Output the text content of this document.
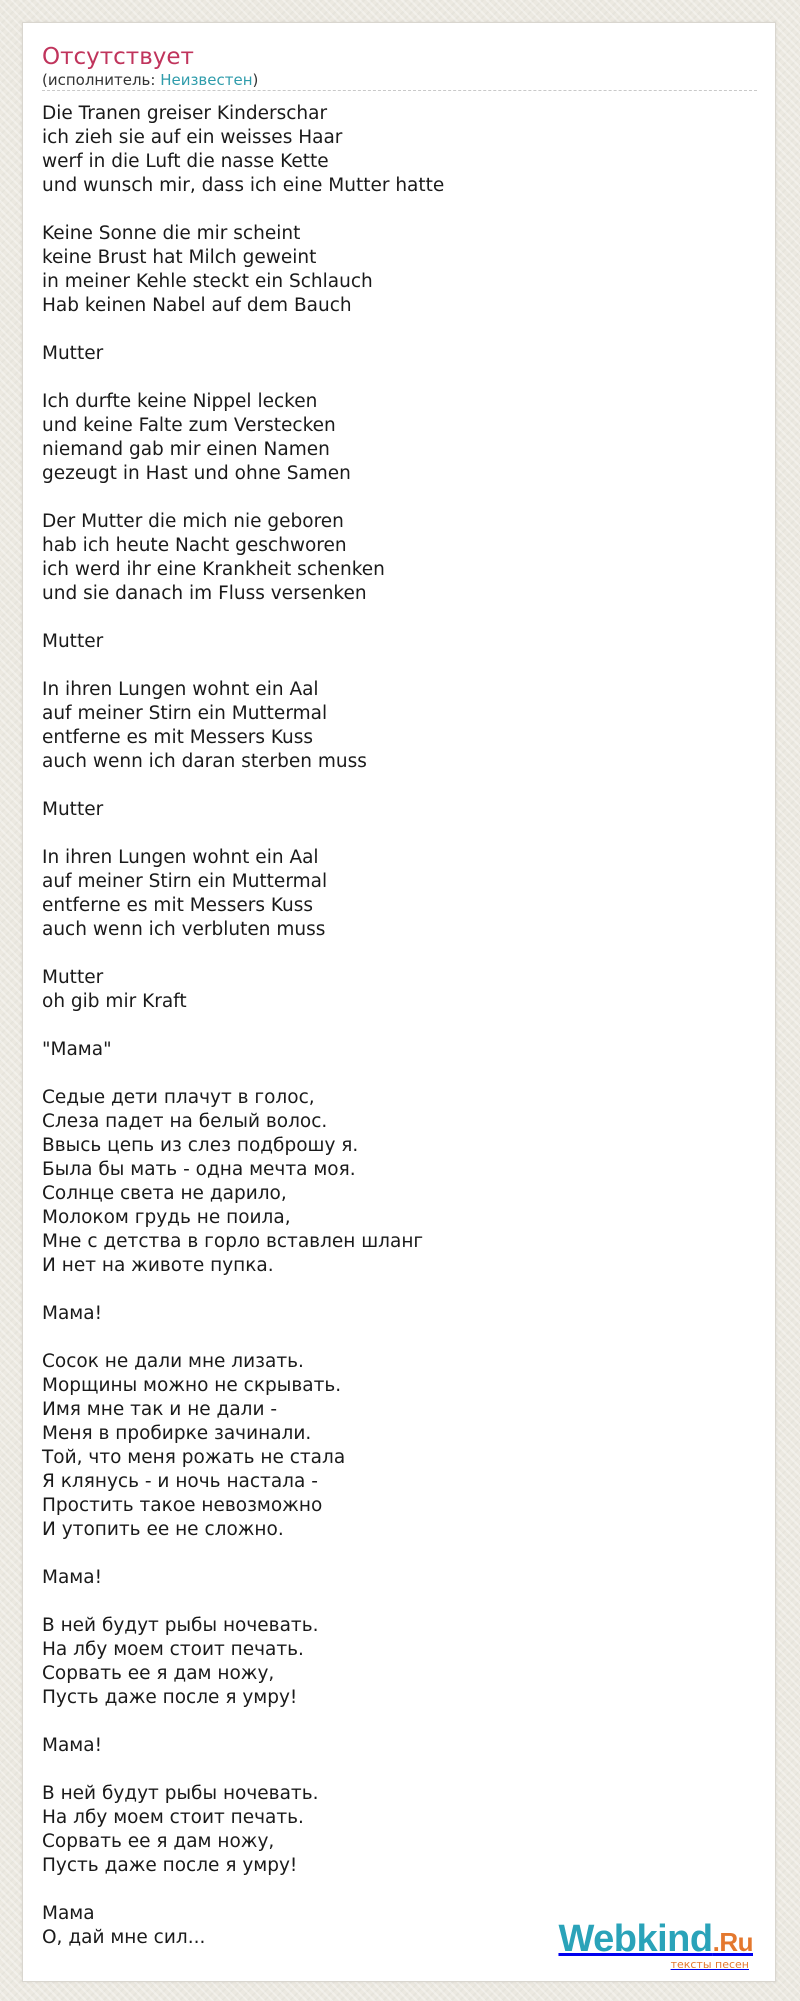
Отсутствует
(исполнитель: Неизвестен)
Die Tranen greiser Kinderschar
ich zieh sie auf ein weisses Haar
werf in die Luft die nasse Kette
und wunsch mir, dass ich eine Mutter hatte
Keine Sonne die mir scheint
keine Brust hat Milch geweint
in meiner Kehle steckt ein Schlauch
Hab keinen Nabel auf dem Bauch
Mutter
Ich durfte keine Nippel lecken
und keine Falte zum Verstecken
niemand gab mir einen Namen
gezeugt in Hast und ohne Samen
Der Mutter die mich nie geboren
hab ich heute Nacht geschworen
ich werd ihr eine Krankheit schenken
und sie danach im Fluss versenken
Mutter
In ihren Lungen wohnt ein Aal
auf meiner Stirn ein Muttermal
entferne es mit Messers Kuss
auch wenn ich daran sterben muss
Mutter
In ihren Lungen wohnt ein Aal
auf meiner Stirn ein Muttermal
entferne es mit Messers Kuss
auch wenn ich verbluten muss
Mutter
oh gib mir Kraft
"Мама"
Седые дети плачут в голос,
Слеза падет на белый волос.
Ввысь цепь из слез подброшу я.
Была бы мать - одна мечта моя.
Солнце света не дарило,
Молоком грудь не поила,
Мне с детства в горло вставлен шланг
И нет на животе пупка.
Мама!
Сосок не дали мне лизать.
Морщины можно не скрывать.
Имя мне так и не дали -
Меня в пробирке зачинали.
Той, что меня рожать не стала
Я клянусь - и ночь настала -
Простить такое невозможно
И утопить ее не сложно.
Мама!
В ней будут рыбы ночевать.
На лбу моем стоит печать.
Сорвать ее я дам ножу,
Пусть даже после я умру!
Мама!
В ней будут рыбы ночевать.
На лбу моем стоит печать.
Сорвать ее я дам ножу,
Пусть даже после я умру!
Мама
О, дай мне сил...	Webkind.Ru
тексты песен
